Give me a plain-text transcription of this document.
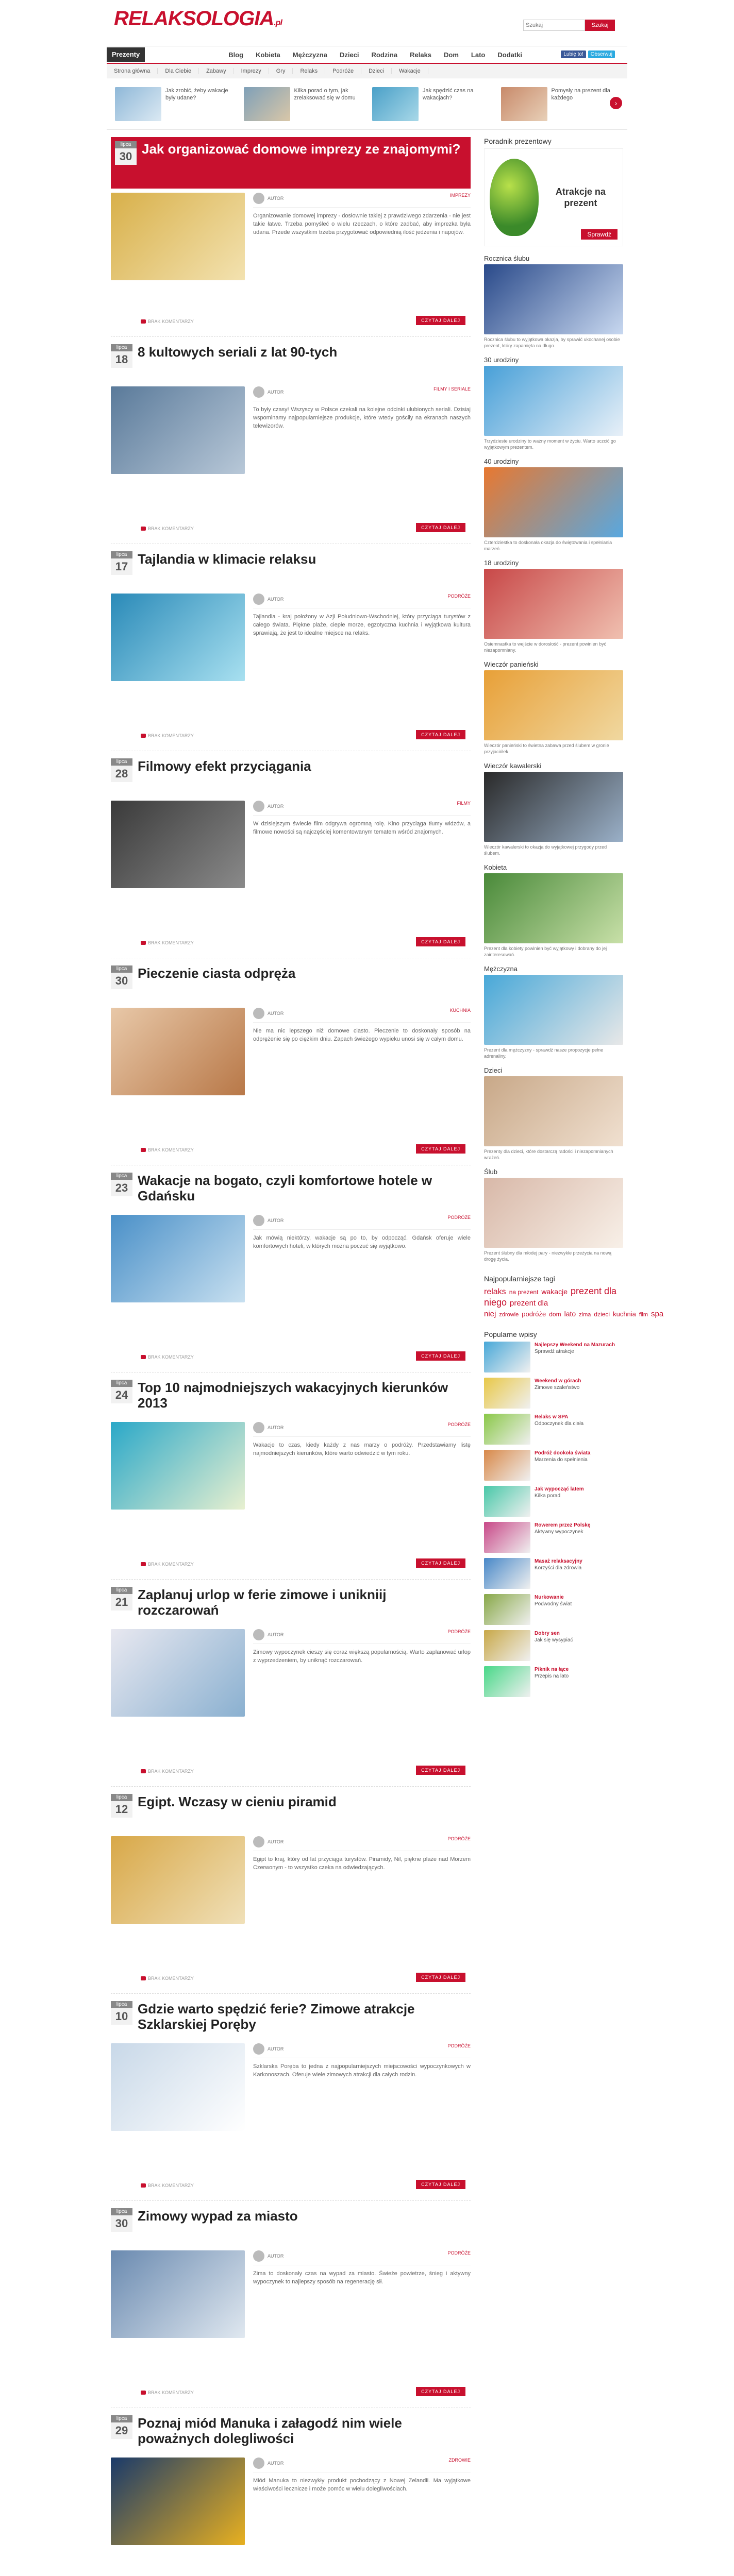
RELAKSOLOGIA.pl
Szukaj	Szukaj
Prezenty	Blog	Kobieta	Mężczyzna	Dzieci	Rodzina	Relaks	Dom	Lato	Dodatki	Lubię to!	Obserwuj
Strona główna	Dla Ciebie	Zabawy	Imprezy	Gry	Relaks	Podróże	Dzieci	Wakacje

Jak zrobić, żeby wakacje były udane?

Kilka porad o tym, jak zrelaksować się w domu

Jak spędzić czas na wakacjach?

Pomysły na prezent dla każdego

›
lipca
30 Jak organizować domowe imprezy ze znajomymi?
AUTOR
IMPREZY

Organizowanie domowej imprezy - dosłownie takiej z prawdziwego zdarzenia - nie jest takie łatwe. Trzeba pomyśleć o wielu rzeczach, o które zadbać, aby imprezka była udana. Przede wszystkim trzeba przygotować odpowiednią ilość jedzenia i napojów.

BRAK KOMENTARZY	CZYTAJ DALEJ
lipca
18 8 kultowych seriali z lat 90-tych
AUTOR
FILMY I SERIALE

To były czasy! Wszyscy w Polsce czekali na kolejne odcinki ulubionych seriali. Dzisiaj wspominamy najpopularniejsze produkcje, które wtedy gościły na ekranach naszych telewizorów.

BRAK KOMENTARZY	CZYTAJ DALEJ
lipca
17 Tajlandia w klimacie relaksu
AUTOR
PODRÓŻE

Tajlandia - kraj położony w Azji Południowo-Wschodniej, który przyciąga turystów z całego świata. Piękne plaże, ciepłe morze, egzotyczna kuchnia i wyjątkowa kultura sprawiają, że jest to idealne miejsce na relaks.

BRAK KOMENTARZY	CZYTAJ DALEJ
lipca
28 Filmowy efekt przyciągania
AUTOR
FILMY

W dzisiejszym świecie film odgrywa ogromną rolę. Kino przyciąga tłumy widzów, a filmowe nowości są najczęściej komentowanym tematem wśród znajomych.

BRAK KOMENTARZY	CZYTAJ DALEJ
lipca
30 Pieczenie ciasta odpręża
AUTOR
KUCHNIA

Nie ma nic lepszego niż domowe ciasto. Pieczenie to doskonały sposób na odprężenie się po ciężkim dniu. Zapach świeżego wypieku unosi się w całym domu.

BRAK KOMENTARZY	CZYTAJ DALEJ
lipca
23 Wakacje na bogato, czyli komfortowe hotele w Gdańsku
AUTOR
PODRÓŻE

Jak mówią niektórzy, wakacje są po to, by odpocząć. Gdańsk oferuje wiele komfortowych hoteli, w których można poczuć się wyjątkowo.

BRAK KOMENTARZY	CZYTAJ DALEJ
lipca
24 Top 10 najmodniejszych wakacyjnych kierunków 2013
AUTOR
PODRÓŻE

Wakacje to czas, kiedy każdy z nas marzy o podróży. Przedstawiamy listę najmodniejszych kierunków, które warto odwiedzić w tym roku.

BRAK KOMENTARZY	CZYTAJ DALEJ
lipca
21 Zaplanuj urlop w ferie zimowe i unikniij rozczarowań
AUTOR
PODRÓŻE

Zimowy wypoczynek cieszy się coraz większą popularnością. Warto zaplanować urlop z wyprzedzeniem, by uniknąć rozczarowań.

BRAK KOMENTARZY	CZYTAJ DALEJ
lipca
12 Egipt. Wczasy w cieniu piramid
AUTOR
PODRÓŻE

Egipt to kraj, który od lat przyciąga turystów. Piramidy, Nil, piękne plaże nad Morzem Czerwonym - to wszystko czeka na odwiedzających.

BRAK KOMENTARZY	CZYTAJ DALEJ
lipca
10 Gdzie warto spędzić ferie? Zimowe atrakcje Szklarskiej Poręby
AUTOR
PODRÓŻE

Szklarska Poręba to jedna z najpopularniejszych miejscowości wypoczynkowych w Karkonoszach. Oferuje wiele zimowych atrakcji dla całych rodzin.

BRAK KOMENTARZY	CZYTAJ DALEJ
lipca
30 Zimowy wypad za miasto
AUTOR
PODRÓŻE

Zima to doskonały czas na wypad za miasto. Świeże powietrze, śnieg i aktywny wypoczynek to najlepszy sposób na regenerację sił.

BRAK KOMENTARZY	CZYTAJ DALEJ
lipca
29 Poznaj miód Manuka i załagodź nim wiele poważnych dolegliwości
AUTOR
ZDROWIE

Miód Manuka to niezwykły produkt pochodzący z Nowej Zelandii. Ma wyjątkowe właściwości lecznicze i może pomóc w wielu dolegliwościach.

Poradnik prezentowy
Atrakcje na prezent
Sprawdź
Rocznica ślubu

Rocznica ślubu to wyjątkowa okazja, by sprawić ukochanej osobie prezent, który zapamięta na długo.

30 urodziny

Trzydzieste urodziny to ważny moment w życiu. Warto uczcić go wyjątkowym prezentem.

40 urodziny

Czterdziestka to doskonała okazja do świętowania i spełniania marzeń.

18 urodziny

Osiemnastka to wejście w dorosłość - prezent powinien być niezapomniany.

Wieczór panieński

Wieczór panieński to świetna zabawa przed ślubem w gronie przyjaciółek.

Wieczór kawalerski

Wieczór kawalerski to okazja do wyjątkowej przygody przed ślubem.

Kobieta

Prezent dla kobiety powinien być wyjątkowy i dobrany do jej zainteresowań.

Mężczyzna

Prezent dla mężczyzny - sprawdź nasze propozycje pełne adrenaliny.

Dzieci

Prezenty dla dzieci, które dostarczą radości i niezapomnianych wrażeń.

Ślub

Prezent ślubny dla młodej pary - niezwykłe przeżycia na nową drogę życia.

Najpopularniejsze tagi
relaks na prezent wakacje prezent dla niego prezent dla niej zdrowie podróże dom lato zima dzieci kuchnia film spa
Popularne wpisy

Najlepszy Weekend na Mazurach
Sprawdź atrakcje

Weekend w górach
Zimowe szaleństwo

Relaks w SPA
Odpoczynek dla ciała

Podróż dookoła świata
Marzenia do spełnienia

Jak wypocząć latem
Kilka porad

Rowerem przez Polskę
Aktywny wypoczynek

Masaż relaksacyjny
Korzyści dla zdrowia

Nurkowanie
Podwodny świat

Dobry sen
Jak się wysypiać

Piknik na łące
Przepis na lato
